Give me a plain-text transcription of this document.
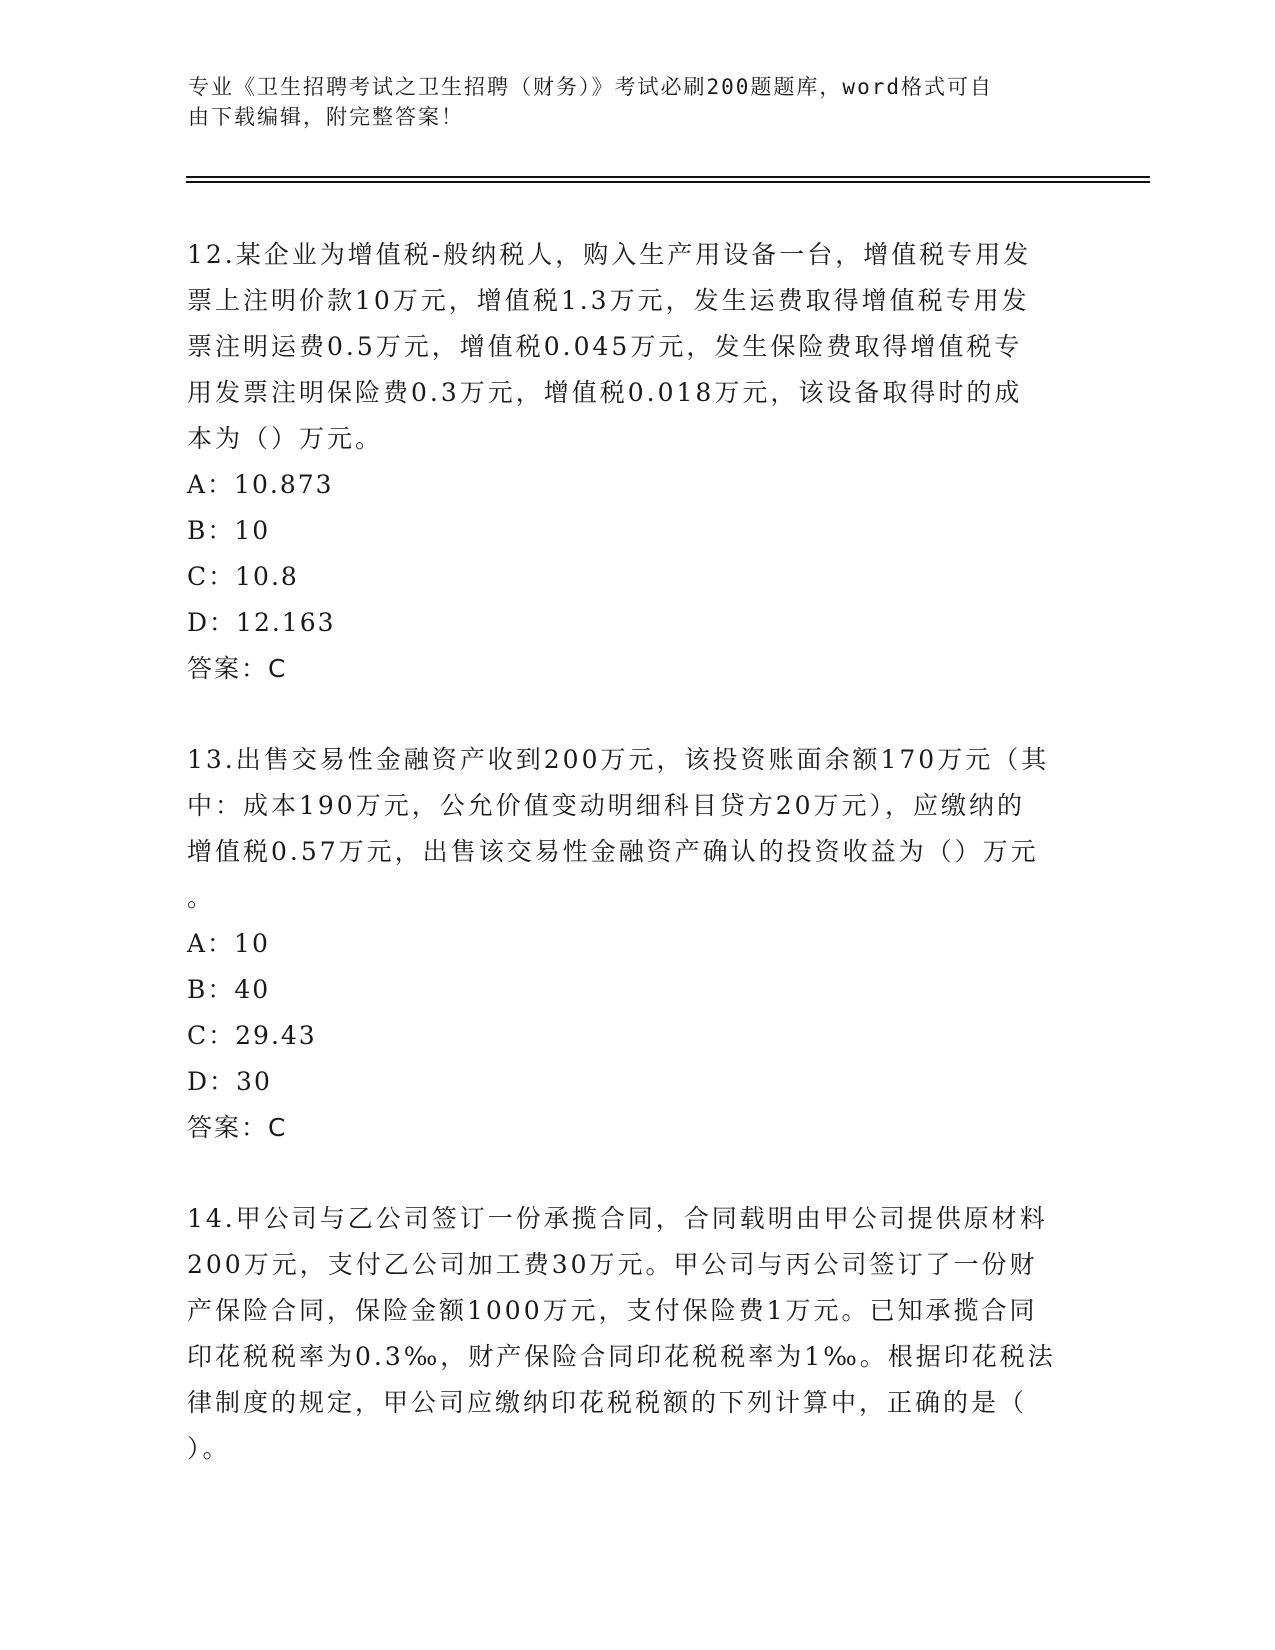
专业《卫生招聘考试之卫生招聘（财务）》考试必刷200题题库，word格式可自
由下载编辑，附完整答案！
12.某企业为增值税-般纳税人，购入生产用设备一台，增值税专用发
票上注明价款10万元，增值税1.3万元，发生运费取得增值税专用发
票注明运费0.5万元，增值税0.045万元，发生保险费取得增值税专
用发票注明保险费0.3万元，增值税0.018万元，该设备取得时的成
本为（）万元。
A：10.873
B：10
C：10.8
D：12.163
答案：C
13.出售交易性金融资产收到200万元，该投资账面余额170万元（其
中：成本190万元，公允价值变动明细科目贷方20万元），应缴纳的
增值税0.57万元，出售该交易性金融资产确认的投资收益为（）万元
。
A：10
B：40
C：29.43
D：30
答案：C
14.甲公司与乙公司签订一份承揽合同，合同载明由甲公司提供原材料
200万元，支付乙公司加工费30万元。甲公司与丙公司签订了一份财
产保险合同，保险金额1000万元，支付保险费1万元。已知承揽合同
印花税税率为0.3‰，财产保险合同印花税税率为1‰。根据印花税法
律制度的规定，甲公司应缴纳印花税税额的下列计算中，正确的是（
）。
